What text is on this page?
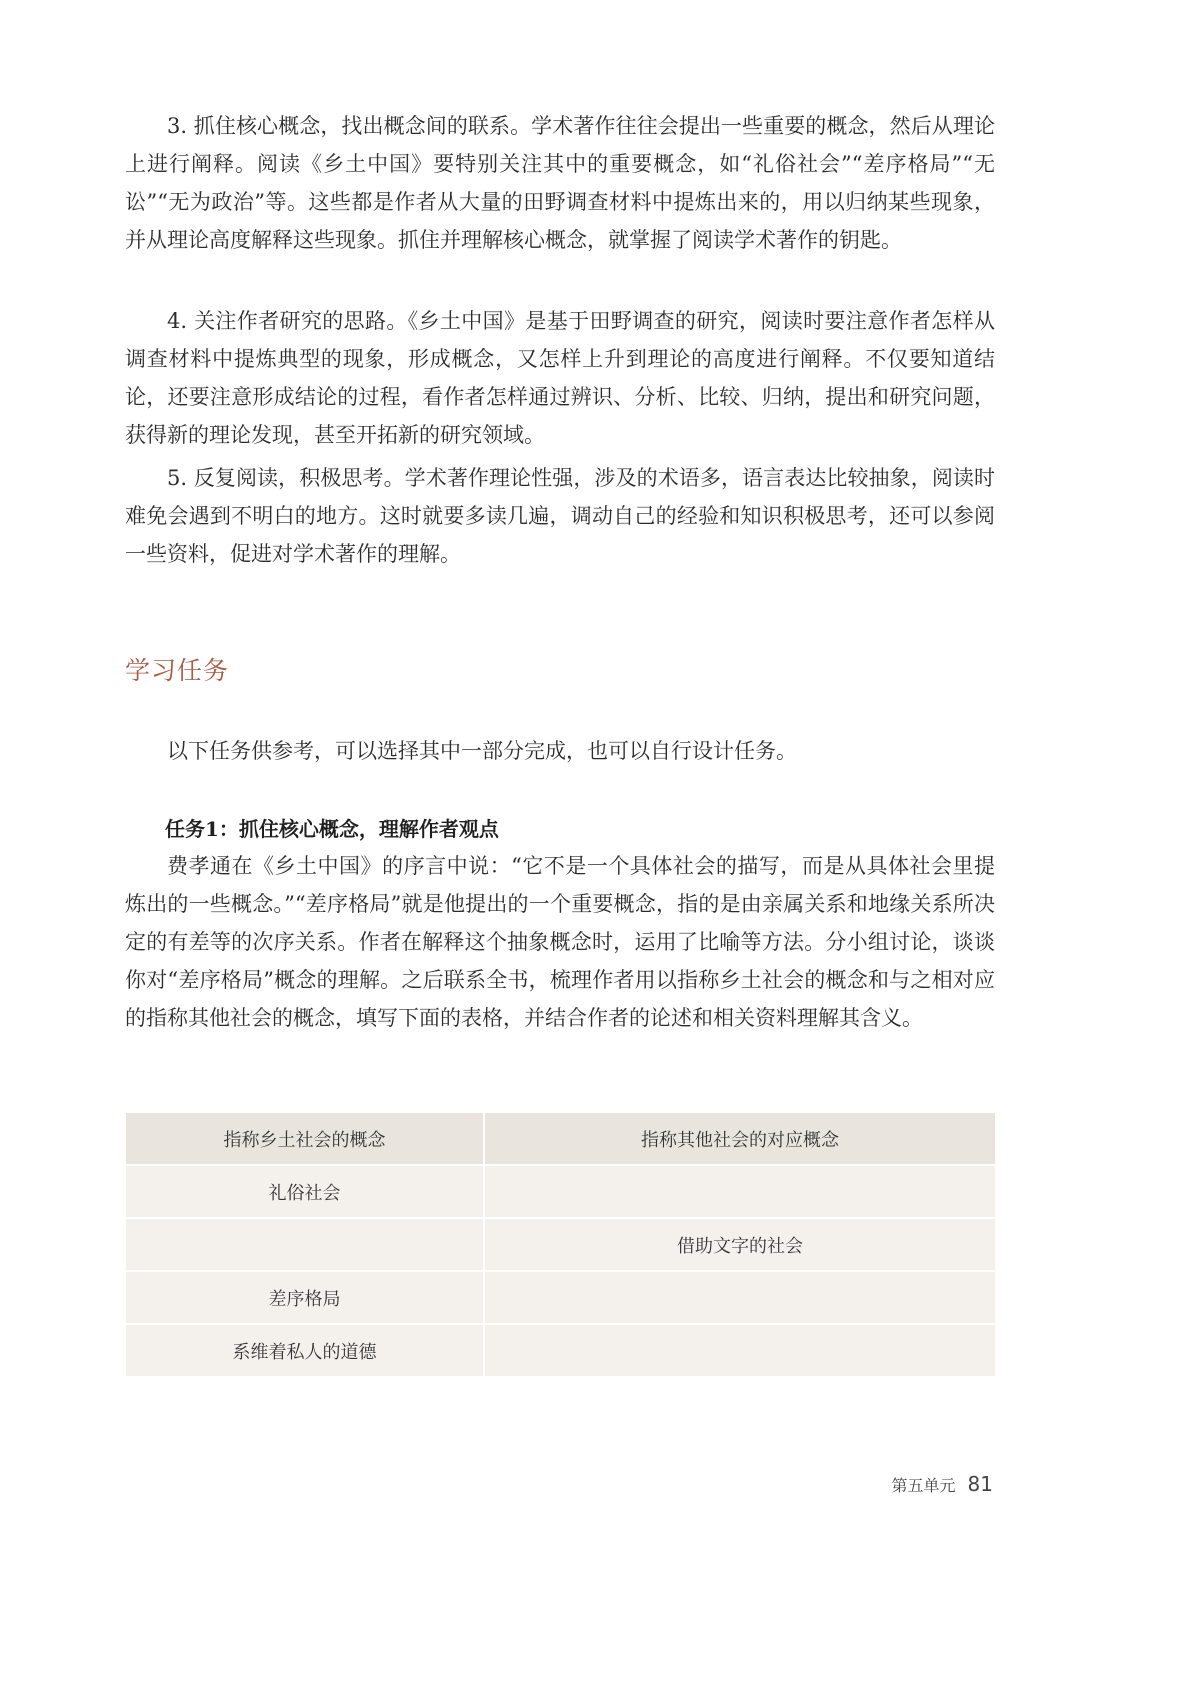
3. 抓住核心概念，找出概念间的联系。学术著作往往会提出一些重要的概念，然后从理论上进行阐释。阅读《乡土中国》要特别关注其中的重要概念，如“礼俗社会”“差序格局”“无讼”“无为政治”等。这些都是作者从大量的田野调查材料中提炼出来的，用以归纳某些现象，并从理论高度解释这些现象。抓住并理解核心概念，就掌握了阅读学术著作的钥匙。

4. 关注作者研究的思路。《乡土中国》是基于田野调查的研究，阅读时要注意作者怎样从调查材料中提炼典型的现象，形成概念，又怎样上升到理论的高度进行阐释。不仅要知道结论，还要注意形成结论的过程，看作者怎样通过辨识、分析、比较、归纳，提出和研究问题，获得新的理论发现，甚至开拓新的研究领域。

5. 反复阅读，积极思考。学术著作理论性强，涉及的术语多，语言表达比较抽象，阅读时难免会遇到不明白的地方。这时就要多读几遍，调动自己的经验和知识积极思考，还可以参阅一些资料，促进对学术著作的理解。

学习任务

以下任务供参考，可以选择其中一部分完成，也可以自行设计任务。

任务1：抓住核心概念，理解作者观点

费孝通在《乡土中国》的序言中说：“它不是一个具体社会的描写，而是从具体社会里提炼出的一些概念。”“差序格局”就是他提出的一个重要概念，指的是由亲属关系和地缘关系所决定的有差等的次序关系。作者在解释这个抽象概念时，运用了比喻等方法。分小组讨论，谈谈你对“差序格局”概念的理解。之后联系全书，梳理作者用以指称乡土社会的概念和与之相对应的指称其他社会的概念，填写下面的表格，并结合作者的论述和相关资料理解其含义。

指称乡土社会的概念	指称其他社会的对应概念
礼俗社会	
	借助文字的社会
差序格局	
系维着私人的道德	
第五单元 81
